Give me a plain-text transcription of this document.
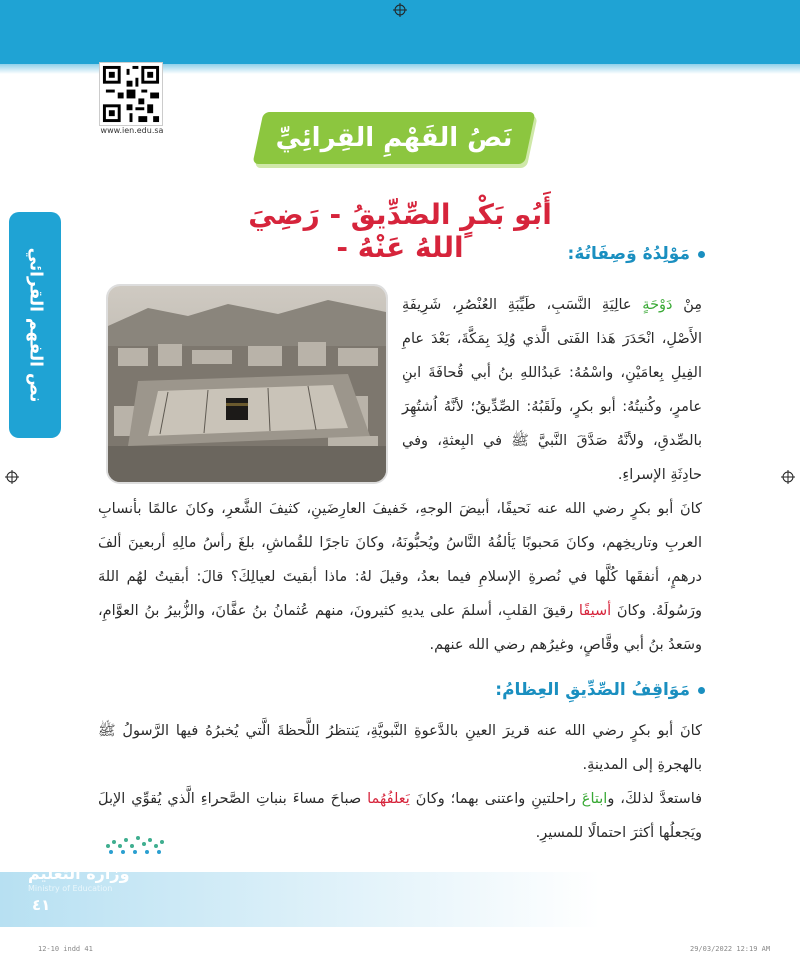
www.ien.edu.sa	نَصُ الفَهْمِ القِرائِيِّ
نص الفهم القرائي
أَبُو بَكْرٍ الصِّدِّيقُ - رَضِيَ اللهُ عَنْهُ -	مَوْلِدُهُ وَصِفَاتُهُ:

مِنْ دَوْحَةٍ عالِيَةِ النَّسَبِ، طَيِّبَةِ العُنْصُرِ، شَرِيفَةِ الأَصْلِ، انْحَدَرَ هَذا الفَتى الَّذي وُلِدَ بِمَكَّةَ، بَعْدَ عامِ الفِيلِ بِعامَيْنِ، واسْمُهُ: عَبدُاللهِ بنُ أبي قُحافَةَ ابنِ عامرٍ، وكُنيتُهُ: أبو بكرٍ، ولَقَبُهُ: الصِّدِّيقُ؛ لأنَّهُ اُشتُهِرَ بالصِّدقِ، ولأنَّهُ صَدَّقَ النَّبيَّ ﷺ في البِعثةِ، وفي حادِثَةِ الإسراءِ.

كانَ أبو بكرٍ رضي الله عنه نَحيفًا، أبيضَ الوجهِ، خَفيفَ العارِضَينِ، كثيفَ الشَّعرِ، وكانَ عالمًا بأنسابِ العربِ وتاريخِهم، وكانَ مَحبوبًا يَألفُهُ النَّاسُ ويُحبُّونَهُ، وكانَ تاجرًا للقُماشِ، بلغَ رأسُ مالِهِ أربعينَ ألفَ درهمٍ، أنفقَها كُلَّها في نُصرةِ الإسلامِ فيما بعدُ، وقيلَ لهُ: ماذا أبقيتَ لعيالِكَ؟ قالَ: أبقيتُ لهُم اللهَ ورَسُولَهُ. وكانَ أسيفًا رقيقَ القلبِ، أسلمَ على يديهِ كثيرونَ، منهم عُثمانُ بنُ عفَّانَ، والزُّبيرُ بنُ العوَّامِ، وسَعدُ بنُ أبي وقَّاصٍ، وغيرُهم رضي الله عنهم.

مَوَاقِفُ الصِّدِّيقِ العِظامُ:

كانَ أبو بكرٍ رضي الله عنه قريرَ العينِ بالدَّعوةِ النَّبويَّةِ، يَنتظرُ اللَّحظةَ الَّتي يُخبرُهُ فيها الرَّسولُ ﷺ بالهجرةِ إلى المدينةِ.

فاستعدَّ لذلكَ، وابتاعَ راحلتينِ واعتنى بهما؛ وكانَ يَعلفُهُما صباحَ مساءَ بنباتِ الصَّحراءِ الَّذي يُقوِّي الإبلَ ويَجعلُها أكثرَ احتمالًا للمسيرِ.

وزارة التعليم
Ministry of Education
٤١
12-10 indd 41	29/03/2022 12:19 AM
